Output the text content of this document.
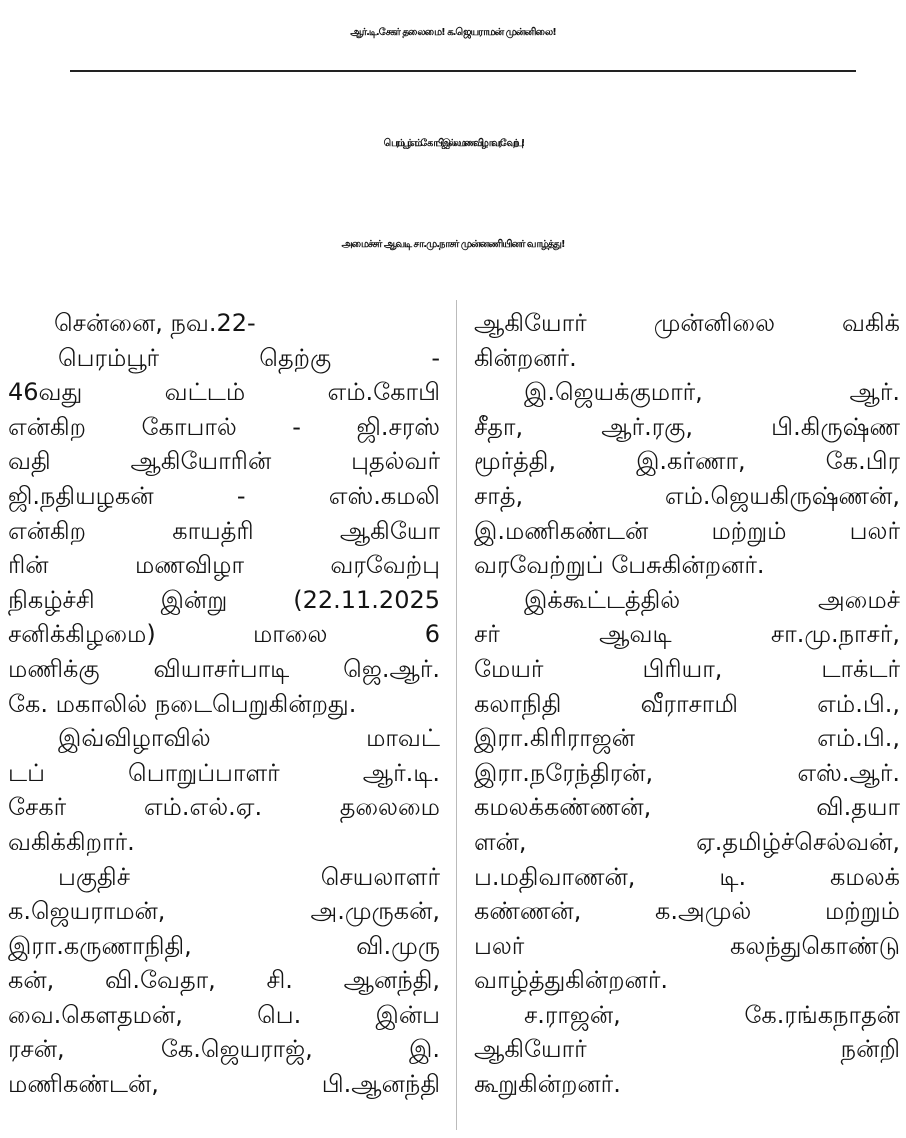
ஆர்.டி.சேகர் தலைமை! க.ஜெயராமன் முன்னிலை!
பெரம்பூர் எம்.கோபி இல்ல மணவிழா வரவேற்பு!
அமைச்சர் ஆவடி சா.மு.நாசர் முன்னணியினர் வாழ்த்து!
சென்னை, நவ.22-
பெரம்பூர் தெற்கு -
46வது வட்டம் எம்.கோபி
என்கிற கோபால் - ஜி.சரஸ்
வதி ஆகியோரின் புதல்வர்
ஜி.நதியழகன் - எஸ்.கமலி
என்கிற காயத்ரி ஆகியோ
ரின் மணவிழா வரவேற்பு
நிகழ்ச்சி இன்று (22.11.2025
சனிக்கிழமை) மாலை 6
மணிக்கு வியாசர்பாடி ஜெ.ஆர்.
கே. மகாலில் நடைபெறுகின்றது.
இவ்விழாவில் மாவட்
டப் பொறுப்பாளர் ஆர்.டி.
சேகர் எம்.எல்.ஏ. தலைமை
வகிக்கிறார்.
பகுதிச் செயலாளர்
க.ஜெயராமன், அ.முருகன்,
இரா.கருணாநிதி, வி.முரு
கன், வி.வேதா, சி. ஆனந்தி,
வை.கௌதமன், பெ. இன்ப
ரசன், கே.ஜெயராஜ், இ.
மணிகண்டன், பி.ஆனந்தி
ஆகியோர் முன்னிலை வகிக்
கின்றனர்.
இ.ஜெயக்குமார், ஆர்.
சீதா, ஆர்.ரகு, பி.கிருஷ்ண
மூர்த்தி, இ.கர்ணா, கே.பிர
சாத், எம்.ஜெயகிருஷ்ணன்,
இ.மணிகண்டன் மற்றும் பலர்
வரவேற்றுப் பேசுகின்றனர்.
இக்கூட்டத்தில் அமைச்
சர் ஆவடி சா.மு.நாசர்,
மேயர் பிரியா, டாக்டர்
கலாநிதி வீராசாமி எம்.பி.,
இரா.கிரிராஜன் எம்.பி.,
இரா.நரேந்திரன், எஸ்.ஆர்.
கமலக்கண்ணன், வி.தயா
ளன், ஏ.தமிழ்ச்செல்வன்,
ப.மதிவாணன், டி. கமலக்
கண்ணன், க.அமுல் மற்றும்
பலர் கலந்துகொண்டு
வாழ்த்துகின்றனர்.
ச.ராஜன், கே.ரங்கநாதன்
ஆகியோர் நன்றி
கூறுகின்றனர்.
